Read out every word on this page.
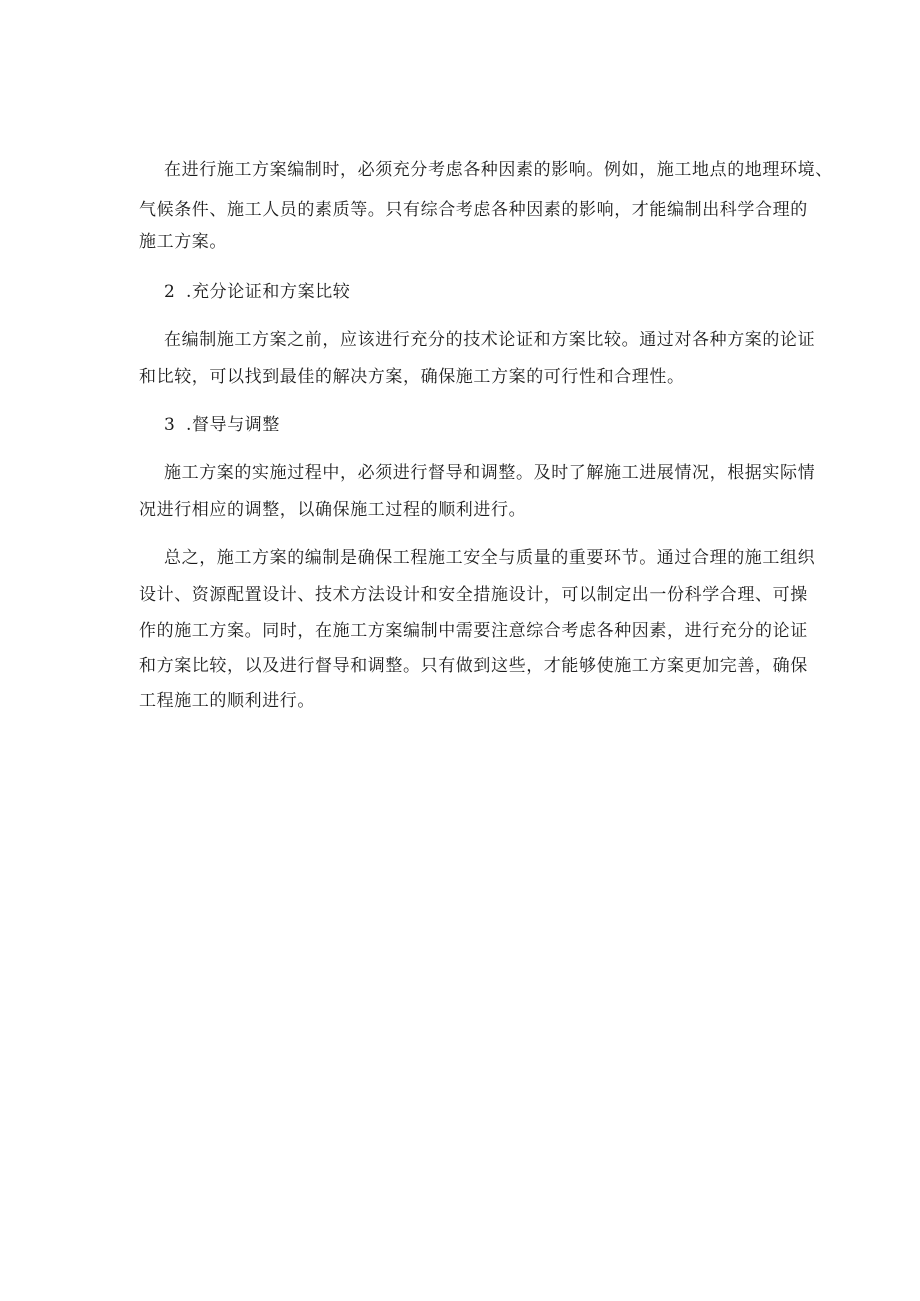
在进行施工方案编制时，必须充分考虑各种因素的影响。例如，施工地点的地理环境、
气候条件、施工人员的素质等。只有综合考虑各种因素的影响，才能编制出科学合理的
施工方案。
2 .充分论证和方案比较
在编制施工方案之前，应该进行充分的技术论证和方案比较。通过对各种方案的论证
和比较，可以找到最佳的解决方案，确保施工方案的可行性和合理性。
3 .督导与调整
施工方案的实施过程中，必须进行督导和调整。及时了解施工进展情况，根据实际情
况进行相应的调整，以确保施工过程的顺利进行。
总之，施工方案的编制是确保工程施工安全与质量的重要环节。通过合理的施工组织
设计、资源配置设计、技术方法设计和安全措施设计，可以制定出一份科学合理、可操
作的施工方案。同时，在施工方案编制中需要注意综合考虑各种因素，进行充分的论证
和方案比较，以及进行督导和调整。只有做到这些，才能够使施工方案更加完善，确保
工程施工的顺利进行。
